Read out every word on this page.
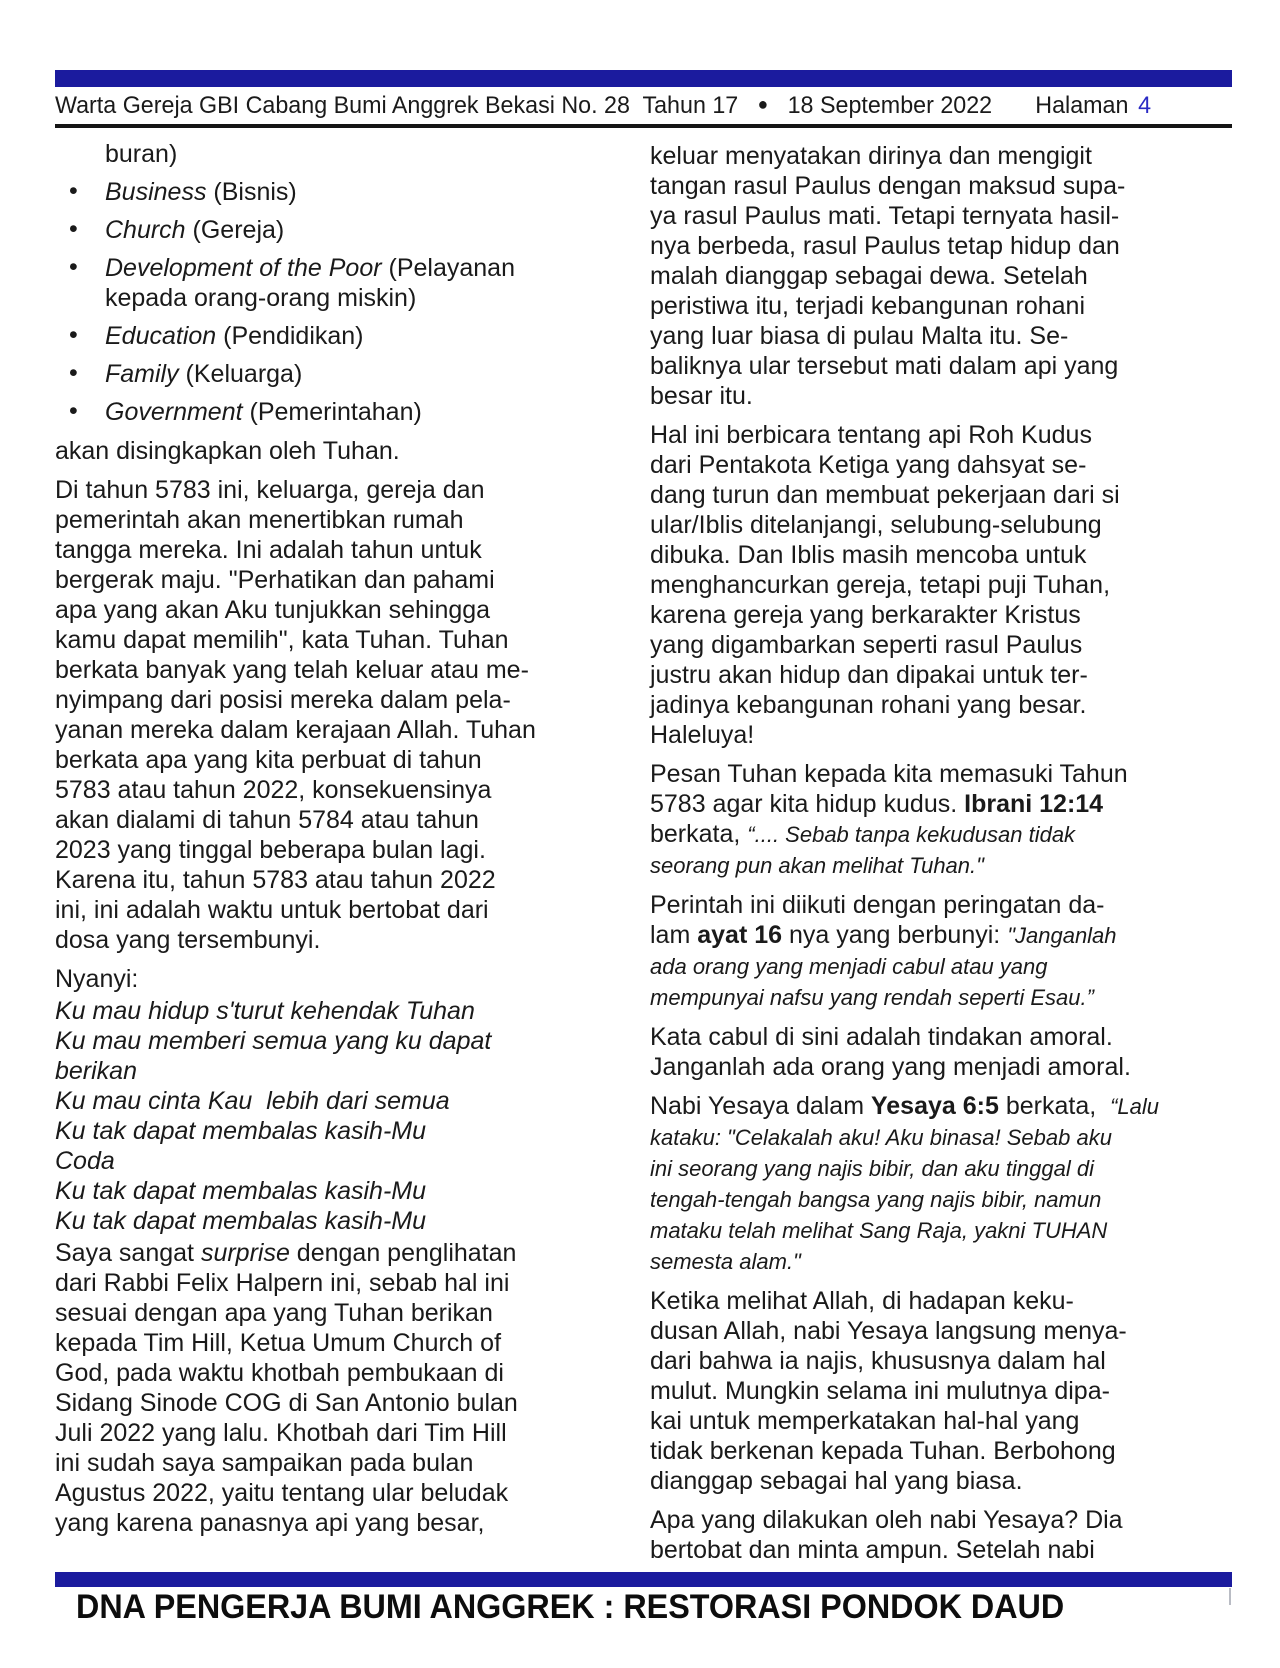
Warta Gereja GBI Cabang Bumi Anggrek Bekasi No. 28  Tahun 17 ● 18 September 2022 Halaman 4
buran)
• Business (Bisnis)
• Church (Gereja)
• Development of the Poor (Pelayanan
kepada orang-orang miskin)
• Education (Pendidikan)
• Family (Keluarga)
• Government (Pemerintahan)
akan disingkapkan oleh Tuhan.
Di tahun 5783 ini, keluarga, gereja dan
pemerintah akan menertibkan rumah
tangga mereka. Ini adalah tahun untuk
bergerak maju. "Perhatikan dan pahami
apa yang akan Aku tunjukkan sehingga
kamu dapat memilih", kata Tuhan. Tuhan
berkata banyak yang telah keluar atau me-
nyimpang dari posisi mereka dalam pela-
yanan mereka dalam kerajaan Allah. Tuhan
berkata apa yang kita perbuat di tahun
5783 atau tahun 2022, konsekuensinya
akan dialami di tahun 5784 atau tahun
2023 yang tinggal beberapa bulan lagi.
Karena itu, tahun 5783 atau tahun 2022
ini, ini adalah waktu untuk bertobat dari
dosa yang tersembunyi.
Nyanyi:
Ku mau hidup s'turut kehendak Tuhan
Ku mau memberi semua yang ku dapat
berikan
Ku mau cinta Kau  lebih dari semua
Ku tak dapat membalas kasih-Mu
Coda
Ku tak dapat membalas kasih-Mu
Ku tak dapat membalas kasih-Mu
Saya sangat surprise dengan penglihatan
dari Rabbi Felix Halpern ini, sebab hal ini
sesuai dengan apa yang Tuhan berikan
kepada Tim Hill, Ketua Umum Church of
God, pada waktu khotbah pembukaan di
Sidang Sinode COG di San Antonio bulan
Juli 2022 yang lalu. Khotbah dari Tim Hill
ini sudah saya sampaikan pada bulan
Agustus 2022, yaitu tentang ular beludak
yang karena panasnya api yang besar,
keluar menyatakan dirinya dan mengigit
tangan rasul Paulus dengan maksud supa-
ya rasul Paulus mati. Tetapi ternyata hasil-
nya berbeda, rasul Paulus tetap hidup dan
malah dianggap sebagai dewa. Setelah
peristiwa itu, terjadi kebangunan rohani
yang luar biasa di pulau Malta itu. Se-
baliknya ular tersebut mati dalam api yang
besar itu.
Hal ini berbicara tentang api Roh Kudus
dari Pentakota Ketiga yang dahsyat se-
dang turun dan membuat pekerjaan dari si
ular/Iblis ditelanjangi, selubung-selubung
dibuka. Dan Iblis masih mencoba untuk
menghancurkan gereja, tetapi puji Tuhan,
karena gereja yang berkarakter Kristus
yang digambarkan seperti rasul Paulus
justru akan hidup dan dipakai untuk ter-
jadinya kebangunan rohani yang besar.
Haleluya!
Pesan Tuhan kepada kita memasuki Tahun
5783 agar kita hidup kudus. Ibrani 12:14
berkata, “.... Sebab tanpa kekudusan tidak
seorang pun akan melihat Tuhan."
Perintah ini diikuti dengan peringatan da-
lam ayat 16 nya yang berbunyi: "Janganlah
ada orang yang menjadi cabul atau yang
mempunyai nafsu yang rendah seperti Esau.”
Kata cabul di sini adalah tindakan amoral.
Janganlah ada orang yang menjadi amoral.
Nabi Yesaya dalam Yesaya 6:5 berkata,  “Lalu
kataku: "Celakalah aku! Aku binasa! Sebab aku
ini seorang yang najis bibir, dan aku tinggal di
tengah-tengah bangsa yang najis bibir, namun
mataku telah melihat Sang Raja, yakni TUHAN
semesta alam."
Ketika melihat Allah, di hadapan keku-
dusan Allah, nabi Yesaya langsung menya-
dari bahwa ia najis, khususnya dalam hal
mulut. Mungkin selama ini mulutnya dipa-
kai untuk memperkatakan hal-hal yang
tidak berkenan kepada Tuhan. Berbohong
dianggap sebagai hal yang biasa.
Apa yang dilakukan oleh nabi Yesaya? Dia
bertobat dan minta ampun. Setelah nabi
DNA PENGERJA BUMI ANGGREK : RESTORASI PONDOK DAUD
